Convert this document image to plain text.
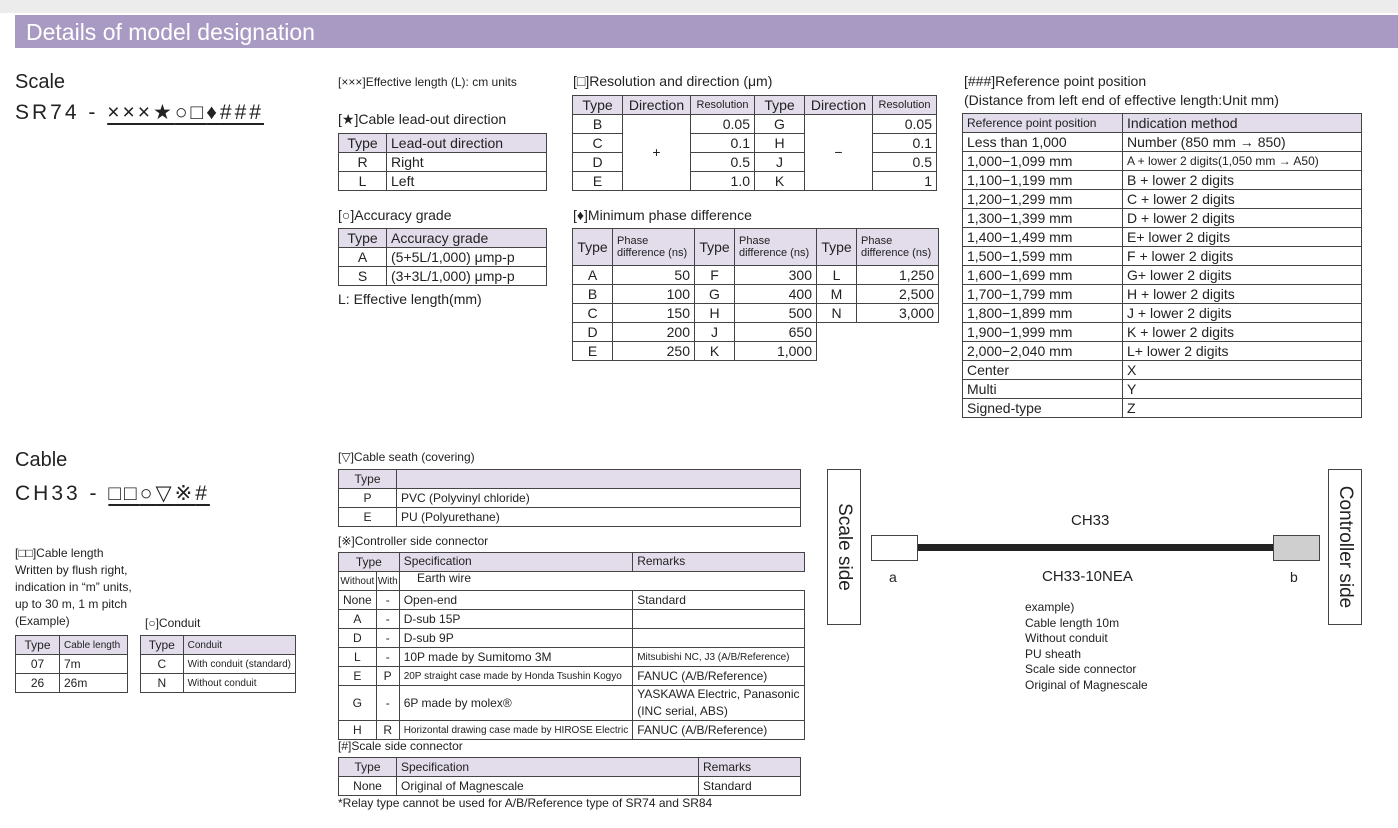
Details of model designation
Scale
SR74 - ×××★○□♦###
[×××]Effective length (L): cm units
[★]Cable lead-out direction
Type	Lead-out direction
R	Right
L	Left
[○]Accuracy grade
Type	Accuracy grade
A	(5+5L/1,000) μmp-p
S	(3+3L/1,000) μmp-p
L: Effective length(mm)
[□]Resolution and direction (μm)
Type	Direction	Resolution	Type	Direction	Resolution
B	+	0.05	G	−	0.05
C		0.1	H		0.1
D		0.5	J		0.5
E		1.0	K		1
[♦]Minimum phase difference
Type	Phase difference (ns)	Type	Phase difference (ns)	Type	Phase difference (ns)
A	50	F	300	L	1,250
B	100	G	400	M	2,500
C	150	H	500	N	3,000
D	200	J	650		
E	250	K	1,000		
[###]Reference point position
(Distance from left end of effective length:Unit mm)
Reference point position	Indication method
Less than 1,000	Number (850 mm → 850)
1,000−1,099 mm	A + lower 2 digits(1,050 mm → A50)
1,100−1,199 mm	B + lower 2 digits
1,200−1,299 mm	C + lower 2 digits
1,300−1,399 mm	D + lower 2 digits
1,400−1,499 mm	E+ lower 2 digits
1,500−1,599 mm	F + lower 2 digits
1,600−1,699 mm	G+ lower 2 digits
1,700−1,799 mm	H + lower 2 digits
1,800−1,899 mm	J + lower 2 digits
1,900−1,999 mm	K + lower 2 digits
2,000−2,040 mm	L+ lower 2 digits
Center	X
Multi	Y
Signed-type	Z
Cable
CH33 - □□○▽※#
[□□]Cable length
Written by flush right,
indication in “m” units,
up to 30 m, 1 m pitch
(Example)
Type	Cable length
07	7m
26	26m
[○]Conduit
Type	Conduit
C	With conduit (standard)
N	Without conduit
[▽]Cable seath (covering)
Type	
P	PVC (Polyvinyl chloride)
E	PU (Polyurethane)
[※]Controller side connector
Type		Specification	Remarks
Without	With		
None	-	Open-end	Standard

A	-	D-sub 15P	

D	-	D-sub 9P	

L	-	10P made by Sumitomo 3M	Mitsubishi NC, J3 (A/B/Reference)

E	P	20P straight case made by Honda Tsushin Kogyo	FANUC (A/B/Reference)

G	-	6P made by molex®	YASKAWA Electric, Panasonic
(INC serial, ABS)

H	R	Horizontal drawing case made by HIROSE Electric	FANUC (A/B/Reference)
Earth wire
[#]Scale side connector
Type	Specification	Remarks
None	Original of Magnescale	Standard
*Relay type cannot be used for A/B/Reference type of SR74 and SR84
Scale side	Controller side
CH33
a	b
CH33-10NEA
example)
Cable length 10m
Without conduit
PU sheath
Scale side connector
Original of Magnescale
